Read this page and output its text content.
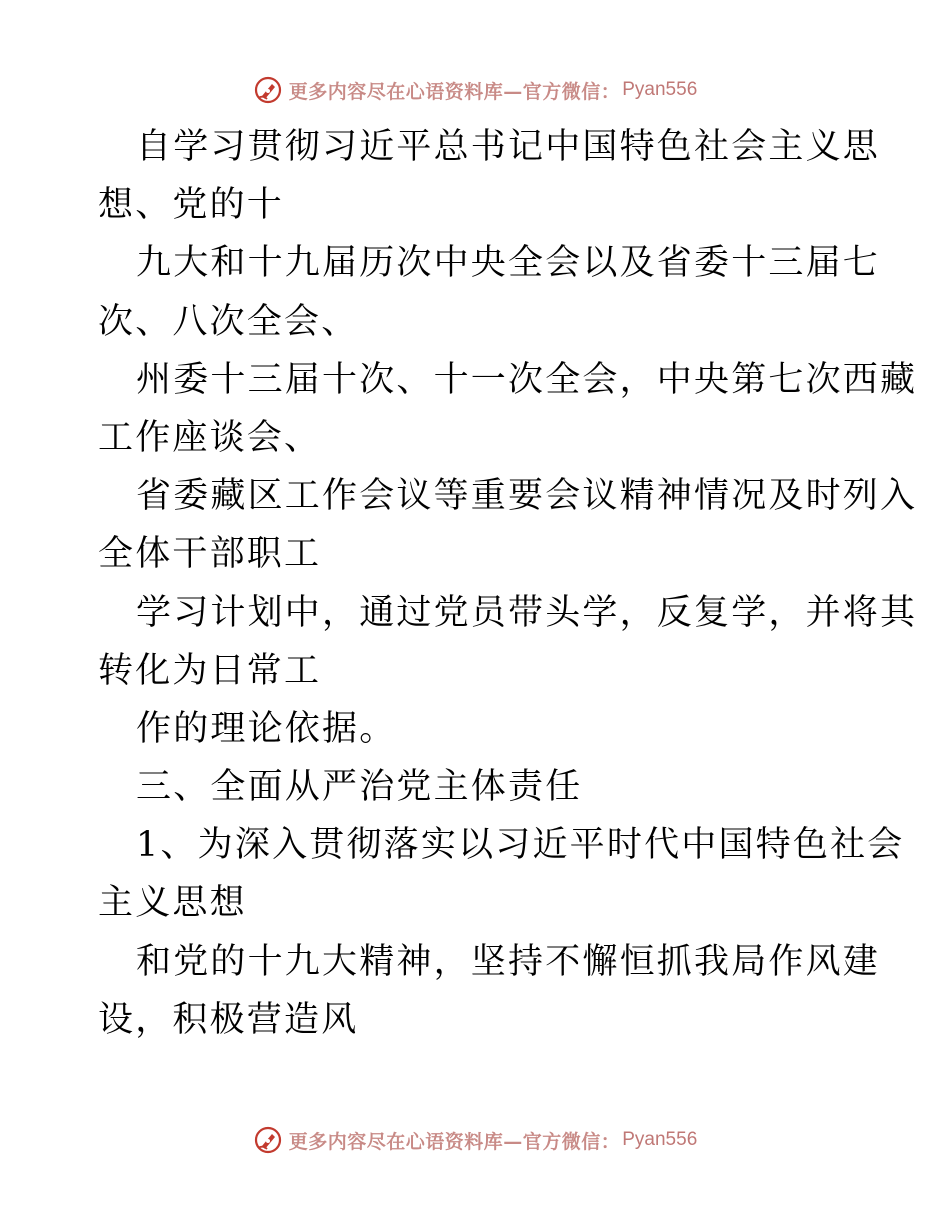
更多内容尽在心语资料库—官方微信： Pyan556
自学习贯彻习近平总书记中国特色社会主义思
想、党的十
九大和十九届历次中央全会以及省委十三届七
次、八次全会、
州委十三届十次、十一次全会，中央第七次西藏
工作座谈会、
省委藏区工作会议等重要会议精神情况及时列入
全体干部职工
学习计划中，通过党员带头学，反复学，并将其
转化为日常工
作的理论依据。
三、全面从严治党主体责任
1、为深入贯彻落实以习近平时代中国特色社会
主义思想
和党的十九大精神，坚持不懈恒抓我局作风建
设，积极营造风
更多内容尽在心语资料库—官方微信： Pyan556
